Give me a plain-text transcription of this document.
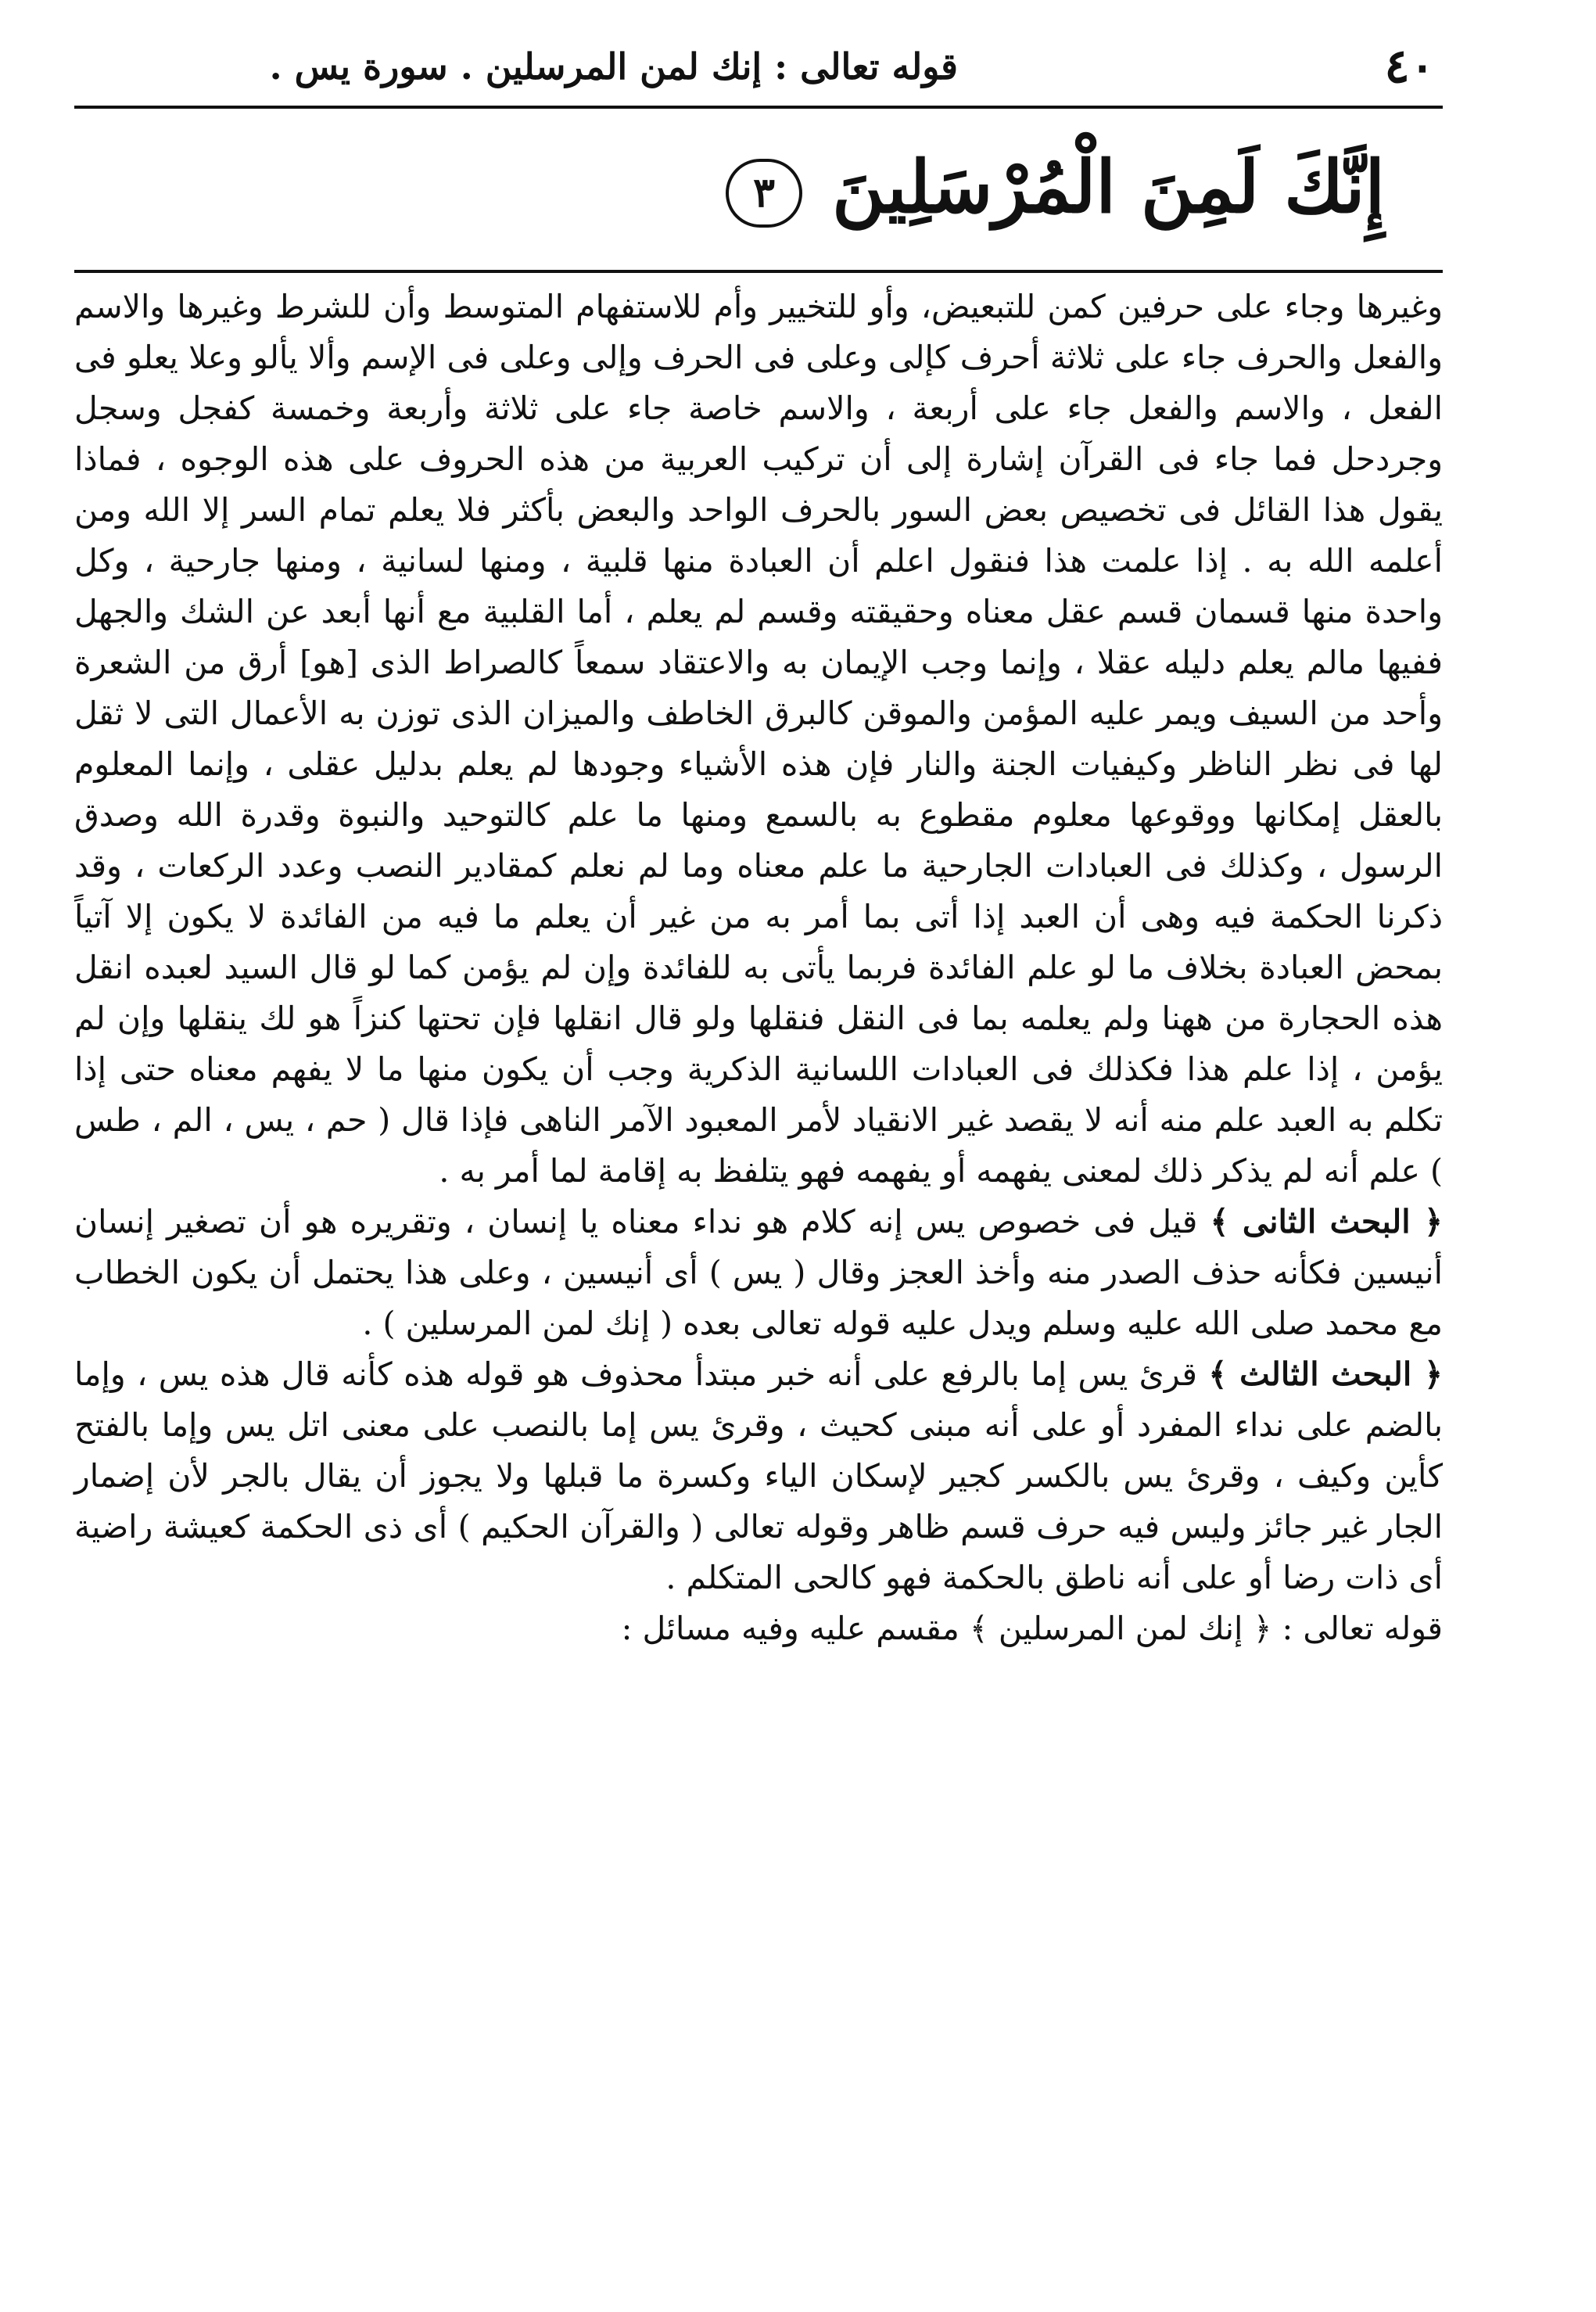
٤٠
قوله تعالى : إنك لمن المرسلين . سورة يس .
إِنَّكَ لَمِنَ الْمُرْسَلِينَ ٣

وغيرها وجاء على حرفين كمن للتبعيض، وأو للتخيير وأم للاستفهام المتوسط وأن للشرط وغيرها والاسم والفعل والحرف جاء على ثلاثة أحرف كإلى وعلى فى الحرف وإلى وعلى فى الإسم وألا يألو وعلا يعلو فى الفعل ، والاسم والفعل جاء على أربعة ، والاسم خاصة جاء على ثلاثة وأربعة وخمسة كفجل وسجل وجردحل فما جاء فى القرآن إشارة إلى أن تركيب العربية من هذه الحروف على هذه الوجوه ، فماذا يقول هذا القائل فى تخصيص بعض السور بالحرف الواحد والبعض بأكثر فلا يعلم تمام السر إلا الله ومن أعلمه الله به . إذا علمت هذا فنقول اعلم أن العبادة منها قلبية ، ومنها لسانية ، ومنها جارحية ، وكل واحدة منها قسمان قسم عقل معناه وحقيقته وقسم لم يعلم ، أما القلبية مع أنها أبعد عن الشك والجهل ففيها مالم يعلم دليله عقلا ، وإنما وجب الإيمان به والاعتقاد سمعاً كالصراط الذى [هو] أرق من الشعرة وأحد من السيف ويمر عليه المؤمن والموقن كالبرق الخاطف والميزان الذى توزن به الأعمال التى لا ثقل لها فى نظر الناظر وكيفيات الجنة والنار فإن هذه الأشياء وجودها لم يعلم بدليل عقلى ، وإنما المعلوم بالعقل إمكانها ووقوعها معلوم مقطوع به بالسمع ومنها ما علم كالتوحيد والنبوة وقدرة الله وصدق الرسول ، وكذلك فى العبادات الجارحية ما علم معناه وما لم نعلم كمقادير النصب وعدد الركعات ، وقد ذكرنا الحكمة فيه وهى أن العبد إذا أتى بما أمر به من غير أن يعلم ما فيه من الفائدة لا يكون إلا آتياً بمحض العبادة بخلاف ما لو علم الفائدة فربما يأتى به للفائدة وإن لم يؤمن كما لو قال السيد لعبده انقل هذه الحجارة من ههنا ولم يعلمه بما فى النقل فنقلها ولو قال انقلها فإن تحتها كنزاً هو لك ينقلها وإن لم يؤمن ، إذا علم هذا فكذلك فى العبادات اللسانية الذكرية وجب أن يكون منها ما لا يفهم معناه حتى إذا تكلم به العبد علم منه أنه لا يقصد غير الانقياد لأمر المعبود الآمر الناهى فإذا قال ( حم ، يس ، الم ، طس ) علم أنه لم يذكر ذلك لمعنى يفهمه أو يفهمه فهو يتلفظ به إقامة لما أمر به .

﴿ البحث الثانى ﴾ قيل فى خصوص يس إنه كلام هو نداء معناه يا إنسان ، وتقريره هو أن تصغير إنسان أنيسين فكأنه حذف الصدر منه وأخذ العجز وقال ( يس ) أى أنيسين ، وعلى هذا يحتمل أن يكون الخطاب مع محمد صلى الله عليه وسلم ويدل عليه قوله تعالى بعده ( إنك لمن المرسلين ) .

﴿ البحث الثالث ﴾ قرئ يس إما بالرفع على أنه خبر مبتدأ محذوف هو قوله هذه كأنه قال هذه يس ، وإما بالضم على نداء المفرد أو على أنه مبنى كحيث ، وقرئ يس إما بالنصب على معنى اتل يس وإما بالفتح كأين وكيف ، وقرئ يس بالكسر كجير لإسكان الياء وكسرة ما قبلها ولا يجوز أن يقال بالجر لأن إضمار الجار غير جائز وليس فيه حرف قسم ظاهر وقوله تعالى ( والقرآن الحكيم ) أى ذى الحكمة كعيشة راضية أى ذات رضا أو على أنه ناطق بالحكمة فهو كالحى المتكلم .

قوله تعالى : ﴿ إنك لمن المرسلين ﴾ مقسم عليه وفيه مسائل :
